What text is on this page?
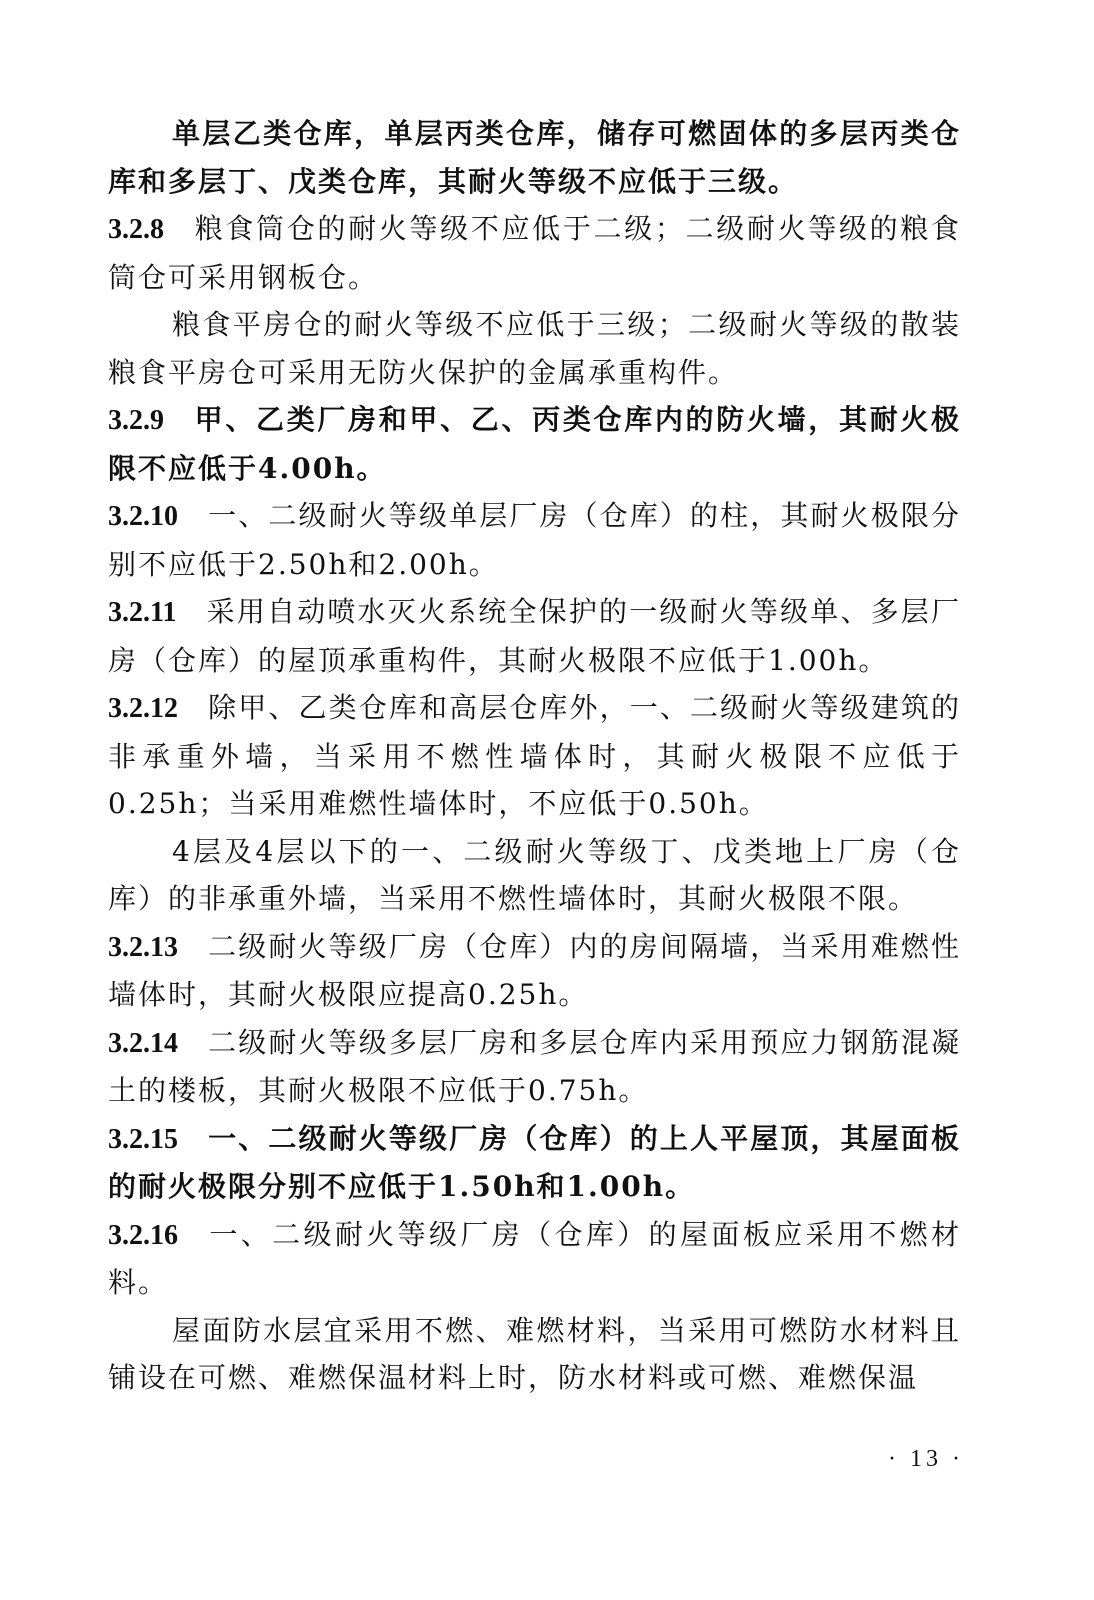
单层乙类仓库，单层丙类仓库，储存可燃固体的多层丙类仓库和多层丁、戊类仓库，其耐火等级不应低于三级。

3.2.8 粮食筒仓的耐火等级不应低于二级；二级耐火等级的粮食筒仓可采用钢板仓。

粮食平房仓的耐火等级不应低于三级；二级耐火等级的散装粮食平房仓可采用无防火保护的金属承重构件。

3.2.9 甲、乙类厂房和甲、乙、丙类仓库内的防火墙，其耐火极限不应低于4.00h。

3.2.10 一、二级耐火等级单层厂房（仓库）的柱，其耐火极限分别不应低于2.50h和2.00h。

3.2.11 采用自动喷水灭火系统全保护的一级耐火等级单、多层厂房（仓库）的屋顶承重构件，其耐火极限不应低于1.00h。

3.2.12 除甲、乙类仓库和高层仓库外，一、二级耐火等级建筑的非承重外墙，当采用不燃性墙体时，其耐火极限不应低于0.25h；当采用难燃性墙体时，不应低于0.50h。

4层及4层以下的一、二级耐火等级丁、戊类地上厂房（仓库）的非承重外墙，当采用不燃性墙体时，其耐火极限不限。

3.2.13 二级耐火等级厂房（仓库）内的房间隔墙，当采用难燃性墙体时，其耐火极限应提高0.25h。

3.2.14 二级耐火等级多层厂房和多层仓库内采用预应力钢筋混凝土的楼板，其耐火极限不应低于0.75h。

3.2.15 一、二级耐火等级厂房（仓库）的上人平屋顶，其屋面板的耐火极限分别不应低于1.50h和1.00h。

3.2.16 一、二级耐火等级厂房（仓库）的屋面板应采用不燃材料。

屋面防水层宜采用不燃、难燃材料，当采用可燃防水材料且铺设在可燃、难燃保温材料上时，防水材料或可燃、难燃保温

· 13 ·
